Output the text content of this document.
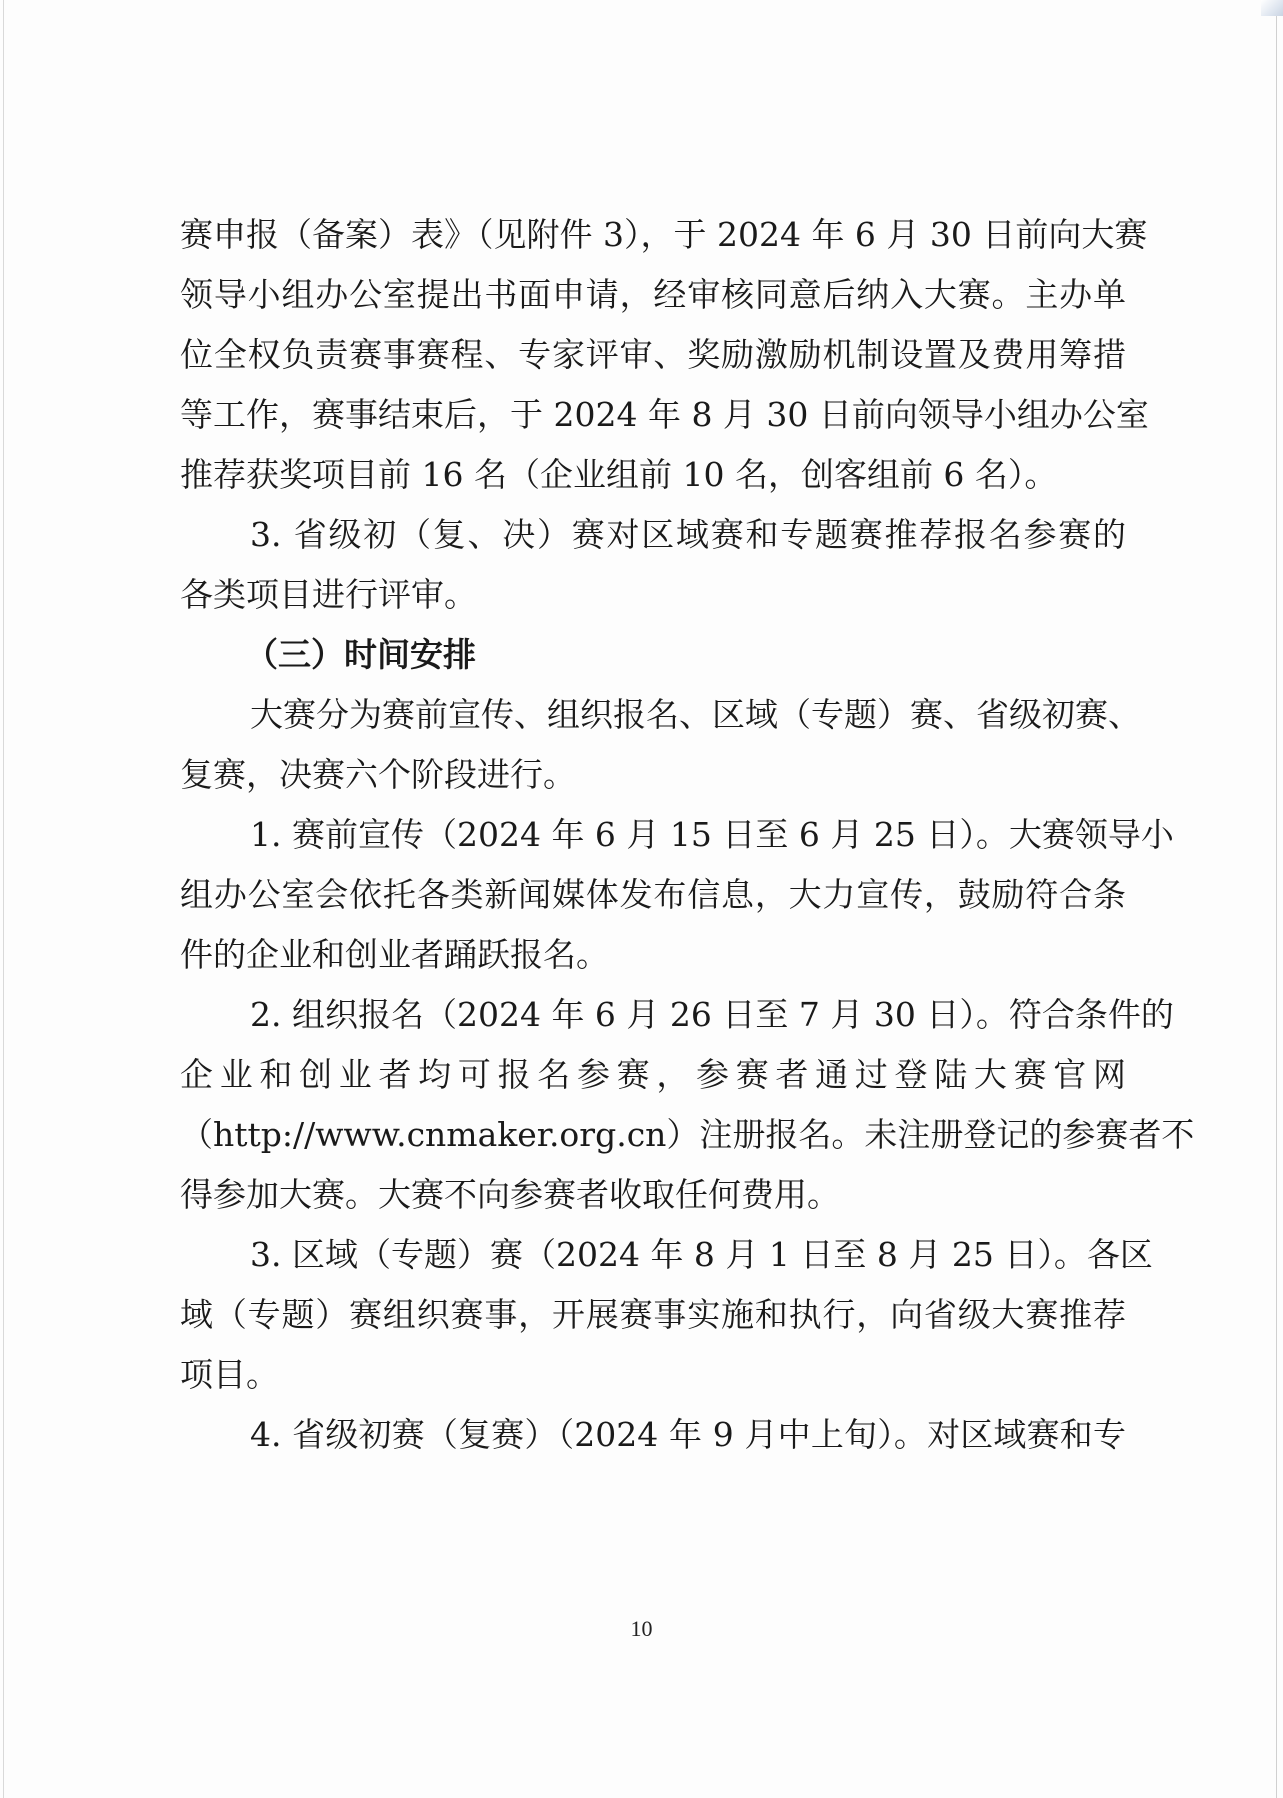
赛申报（备案）表》（见附件 3），于 2024 年 6 月 30 日前向大赛
领导小组办公室提出书面申请，经审核同意后纳入大赛。主办单
位全权负责赛事赛程、专家评审、奖励激励机制设置及费用筹措
等工作，赛事结束后，于 2024 年 8 月 30 日前向领导小组办公室
推荐获奖项目前 16 名（企业组前 10 名，创客组前 6 名）。
3. 省级初（复、决）赛对区域赛和专题赛推荐报名参赛的
各类项目进行评审。
（三）时间安排
大赛分为赛前宣传、组织报名、区域（专题）赛、省级初赛、
复赛，决赛六个阶段进行。
1. 赛前宣传（2024 年 6 月 15 日至 6 月 25 日）。大赛领导小
组办公室会依托各类新闻媒体发布信息，大力宣传，鼓励符合条
件的企业和创业者踊跃报名。
2. 组织报名（2024 年 6 月 26 日至 7 月 30 日）。符合条件的
企业和创业者均可报名参赛，参赛者通过登陆大赛官网
（http://www.cnmaker.org.cn）注册报名。未注册登记的参赛者不
得参加大赛。大赛不向参赛者收取任何费用。
3. 区域（专题）赛（2024 年 8 月 1 日至 8 月 25 日）。各区
域（专题）赛组织赛事，开展赛事实施和执行，向省级大赛推荐
项目。
4. 省级初赛（复赛）（2024 年 9 月中上旬）。对区域赛和专
10
